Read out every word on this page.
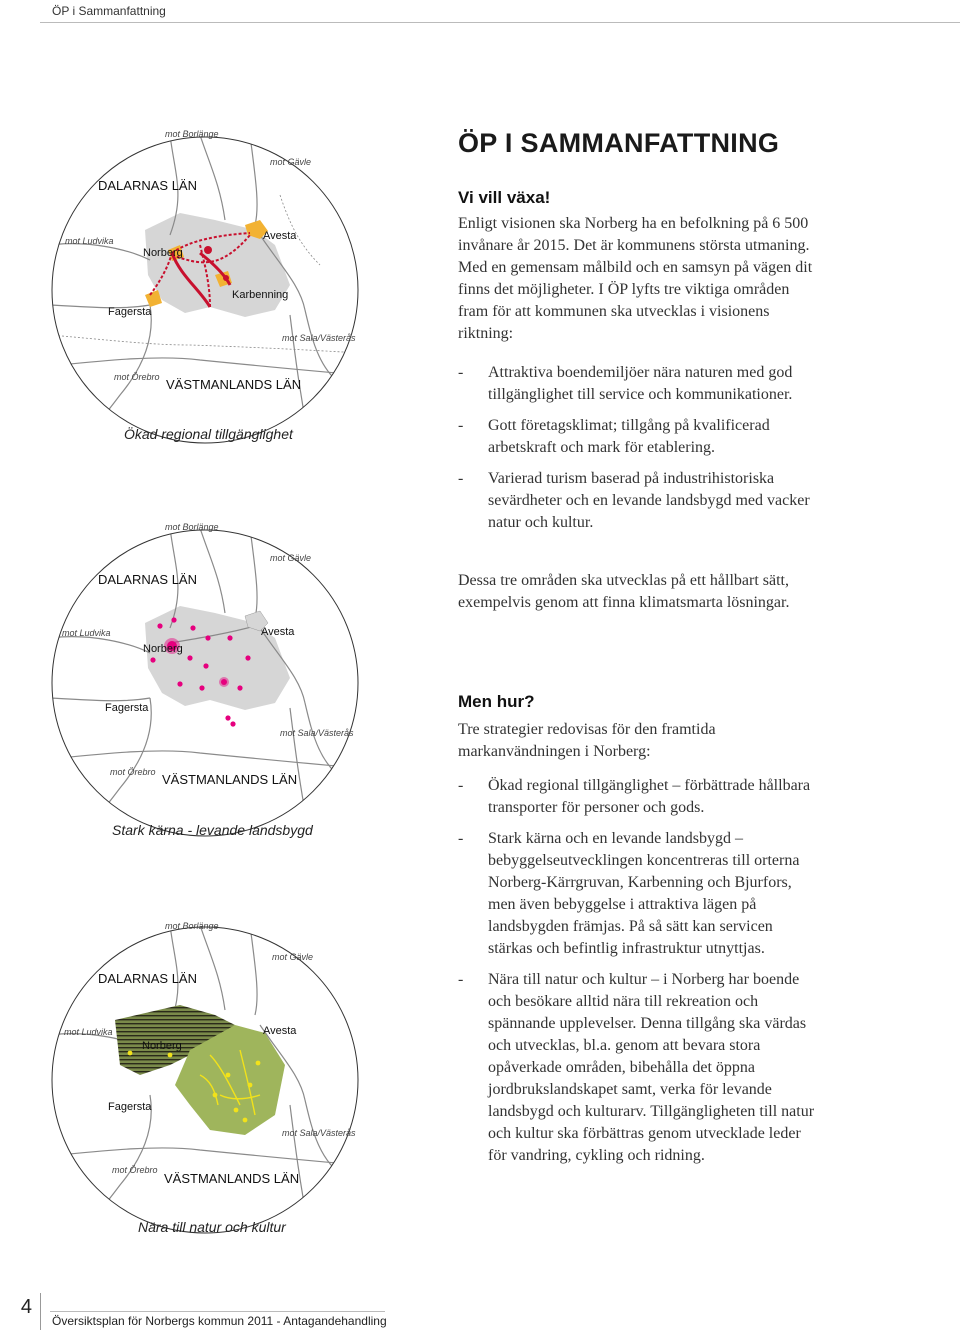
ÖP i Sammanfattning
mot Borlänge
mot Gävle
DALARNAS LÄN
mot Ludvika
Norberg
Avesta
Karbenning
Fagersta
mot Sala/Västerås
mot Örebro VÄSTMANLANDS LÄN
Ökad regional tillgänglighet
mot Borlänge
mot Gävle
DALARNAS LÄN
mot Ludvika
Norberg
Avesta
Fagersta
mot Sala/Västerås
mot Örebro VÄSTMANLANDS LÄN
Stark kärna - levande landsbygd
mot Borlänge
mot Gävle
DALARNAS LÄN
mot Ludvika
Norberg
Avesta
Fagersta
mot Sala/Västerås
mot Örebro
VÄSTMANLANDS LÄN
Nära till natur och kultur
ÖP I SAMMANFATTNING
Vi vill växa!

Enligt visionen ska Norberg ha en befolkning på 6 500 invånare år 2015. Det är kommunens största utmaning. Med en gemensam målbild och en samsyn på vägen dit finns det möjligheter. I ÖP lyfts tre viktiga områden fram för att kommunen ska utvecklas i visionens riktning:

- Attraktiva boendemiljöer nära naturen med god tillgänglighet till service och kommunikationer.
- Gott företagsklimat; tillgång på kvalificerad arbetskraft och mark för etablering.
- Varierad turism baserad på industrihistoriska sevärdheter och en levande landsbygd med vacker natur och kultur.

Dessa tre områden ska utvecklas på ett hållbart sätt, exempelvis genom att finna klimatsmarta lösningar.

Men hur?

Tre strategier redovisas för den framtida markanvändningen i Norberg:

- Ökad regional tillgänglighet – förbättrade hållbara transporter för personer och gods.
- Stark kärna och en levande landsbygd – bebyggelseutvecklingen koncentreras till orterna Norberg-Kärrgruvan, Karbenning och Bjurfors, men även bebyggelse i attraktiva lägen på landsbygden främjas. På så sätt kan servicen stärkas och befintlig infrastruktur utnyttjas.
- Nära till natur och kultur – i Norberg har boende och besökare alltid nära till rekreation och spännande upplevelser. Denna tillgång ska värdas och utvecklas, bl.a. genom att bevara stora opåverkade områden, bibehålla det öppna jordbrukslandskapet samt, verka för levande landsbygd och kulturarv. Tillgängligheten till natur och kultur ska förbättras genom utvecklade leder för vandring, cykling och ridning.
4
Översiktsplan för Norbergs kommun 2011 - Antagandehandling
